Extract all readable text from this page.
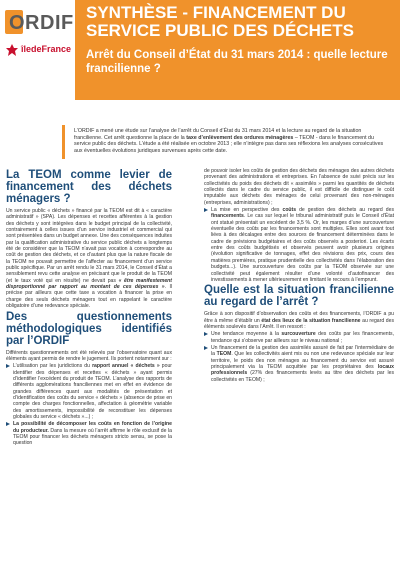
ORDIF
îledeFrance
SYNTHÈSE - FINANCEMENT DU SERVICE PUBLIC DES DÉCHETS
Arrêt du Conseil d’État du 31 mars 2014 : quelle lecture francilienne ?
L’ORDIF a mené une étude sur l’analyse de l’arrêt du Conseil d’État du 31 mars 2014 et la lecture au regard de la situation francilienne. Cet arrêt questionne la place de la taxe d’enlèvement des ordures ménagères – TEOM - dans le financement du service public des déchets. L’étude a été réalisée en octobre 2013 ; elle n’intègre pas dans ses réflexions les analyses consécutives aux éventuelles évolutions juridiques survenues après cette date.
La TEOM comme levier de financement des déchets ménagers ?

Un service public « déchets » financé par la TEOM est dit à « caractère administratif » (SPA). Les dépenses et recettes afférentes à la gestion des déchets y sont intégrées dans le budget principal de la collectivité, contrairement à celles issues d’un service industriel et commercial qui sont présentées dans un budget annexe. Une des conséquences induites par la qualification administrative du service public déchets a longtemps été de considérer que la TEOM n’avait pas vocation à correspondre au coût de gestion des déchets, et ce d’autant plus que la nature fiscale de la TEOM ne pouvait permettre de l’affecter au financement d’un service public spécifique. Par un arrêt rendu le 31 mars 2014, le Conseil d’État a sensiblement revu cette analyse en précisant que le produit de la TEOM (et le taux voté qui en résulte) ne devait pas « être manifestement disproportionné par rapport au montant de ces dépenses ». Il précise par ailleurs que cette taxe a vocation à financer la prise en charge des seuls déchets ménagers tout en rappelant le caractère obligatoire d’une redevance spéciale.

Des questionnements méthodologiques identifiés par l’ORDIF

Différents questionnements ont été relevés par l’observatoire quant aux éléments ayant permis de rendre le jugement. Ils portent notamment sur :

L’utilisation par les juridictions du rapport annuel « déchets » pour identifier des dépenses et recettes « déchets » ayant permis d’identifier l’excédent du produit de TEOM. L’analyse des rapports de différents agglomérations franciliennes met en effet en évidence de grandes différences quant aux modalités de présentation et d’identification des coûts du service « déchets » (absence de prise en compte des charges fonctionnelles, affectation à géométrie variable des amortissements, impossibilité de reconstituer les dépenses globales du service « déchets »...) ;
La possibilité de décomposer les coûts en fonction de l’origine du producteur. Dans la mesure où l’arrêt affirme le rôle exclusif de la TEOM pour financer les déchets ménagers stricto sensu, se pose la question

de pouvoir isoler les coûts de gestion des déchets des ménages des autres déchets provenant des administrations et entreprises. En l’absence de suivi précis sur les collectivités du poids des déchets dit « assimilés » parmi les quantités de déchets collectés dans le cadre du service public, il est difficile de distinguer le coût imputable aux déchets des ménages de celui provenant des non-ménages (entreprises, administrations) ;

La mise en perspective des coûts de gestion des déchets au regard des financements. Le cas sur lequel le tribunal administratif puis le Conseil d’État ont statué présentait un excédent de 3,5 %. Or, les marges d’une surcouverture éventuelle des coûts par les financements sont multiples. Elles sont avant tout liées à des décalages entre des sources de financement déterminées dans le cadre de prévisions budgétaires et des coûts observés a posteriori. Les écarts entre des coûts budgétisés et observés peuvent avoir plusieurs origines (évolution significative de tonnages, effet des révisions des prix, cours des matières premières, pratique prudentielle des collectivités dans l’élaboration des budgets...). Une surcouverture des coûts par la TEOM observée sur une collectivité peut également résulter d’une volonté d’autofinancer des investissements à mener ultérieurement en limitant le recours à l’emprunt.
Quelle est la situation francilienne au regard de l’arrêt ?

Grâce à son dispositif d’observation des coûts et des financements, l’ORDIF a pu être à même d’établir un état des lieux de la situation francilienne au regard des éléments soulevés dans l’Arrêt. Il en ressort :

Une tendance moyenne à la surcouverture des coûts par les financements, tendance qui s’observe par ailleurs sur le niveau national ;
Un financement de la gestion des assimilés assuré de fait par l’intermédiaire de la TEOM. Que les collectivités aient mis ou non une redevance spéciale sur leur territoire, le poids des non ménages au financement du service est assuré principalement via la TEOM acquittée par les propriétaires des locaux professionnels (27% des financements levés au titre des déchets par les collectivités en TEOM) ;
